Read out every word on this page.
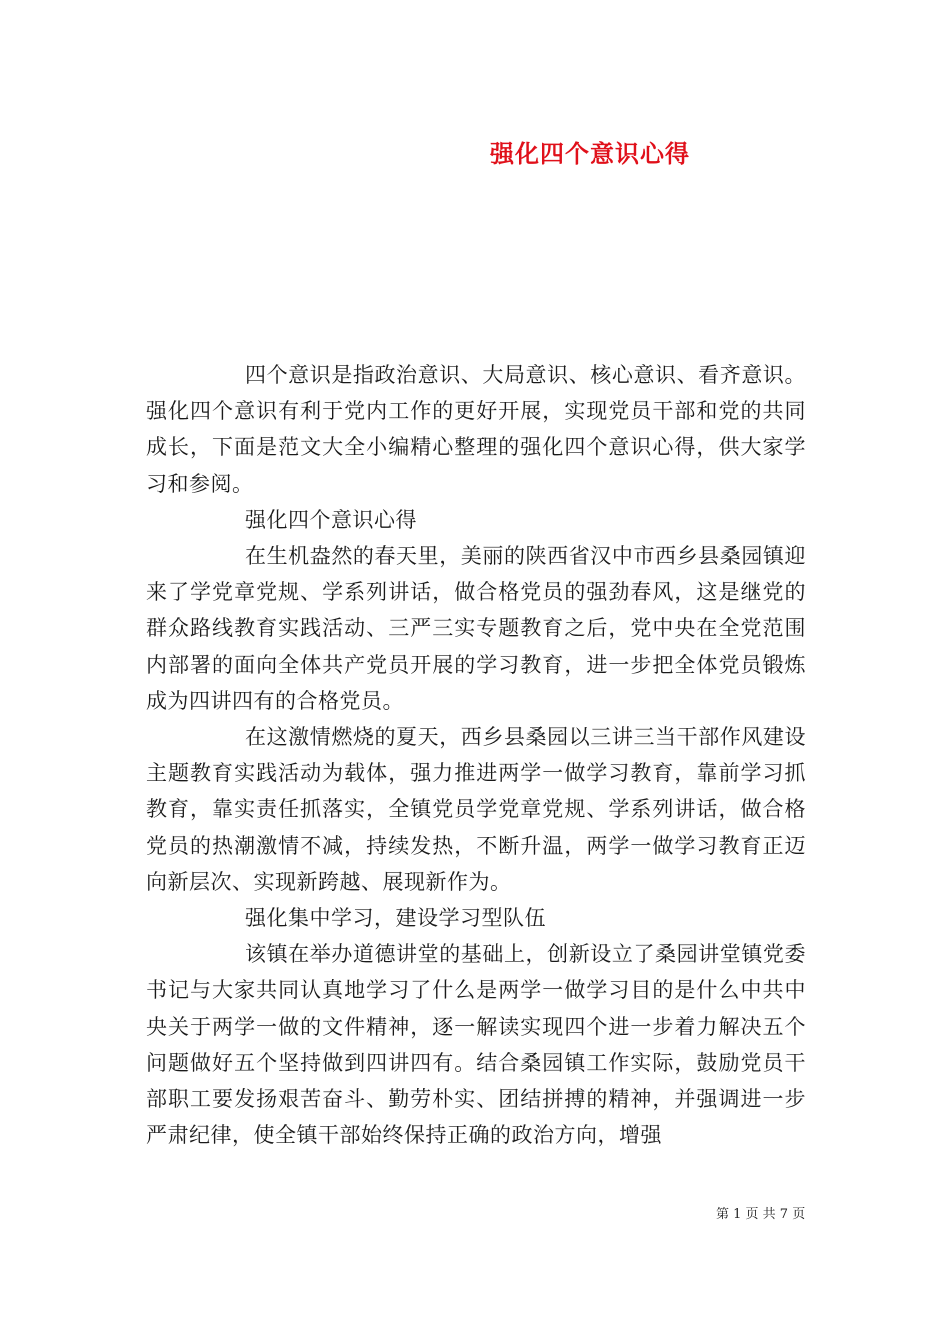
强化四个意识心得

四个意识是指政治意识、大局意识、核心意识、看齐意识。强化四个意识有利于党内工作的更好开展，实现党员干部和党的共同成长，下面是范文大全小编精心整理的强化四个意识心得，供大家学习和参阅。

强化四个意识心得

在生机盎然的春天里，美丽的陕西省汉中市西乡县桑园镇迎来了学党章党规、学系列讲话，做合格党员的强劲春风，这是继党的群众路线教育实践活动、三严三实专题教育之后，党中央在全党范围内部署的面向全体共产党员开展的学习教育，进一步把全体党员锻炼成为四讲四有的合格党员。

在这激情燃烧的夏天，西乡县桑园以三讲三当干部作风建设主题教育实践活动为载体，强力推进两学一做学习教育，靠前学习抓教育，靠实责任抓落实，全镇党员学党章党规、学系列讲话，做合格党员的热潮激情不减，持续发热，不断升温，两学一做学习教育正迈向新层次、实现新跨越、展现新作为。

强化集中学习，建设学习型队伍

该镇在举办道德讲堂的基础上，创新设立了桑园讲堂镇党委书记与大家共同认真地学习了什么是两学一做学习目的是什么中共中央关于两学一做的文件精神，逐一解读实现四个进一步着力解决五个问题做好五个坚持做到四讲四有。结合桑园镇工作实际，鼓励党员干部职工要发扬艰苦奋斗、勤劳朴实、团结拼搏的精神，并强调进一步严肃纪律，使全镇干部始终保持正确的政治方向，增强

第 1 页 共 7 页
